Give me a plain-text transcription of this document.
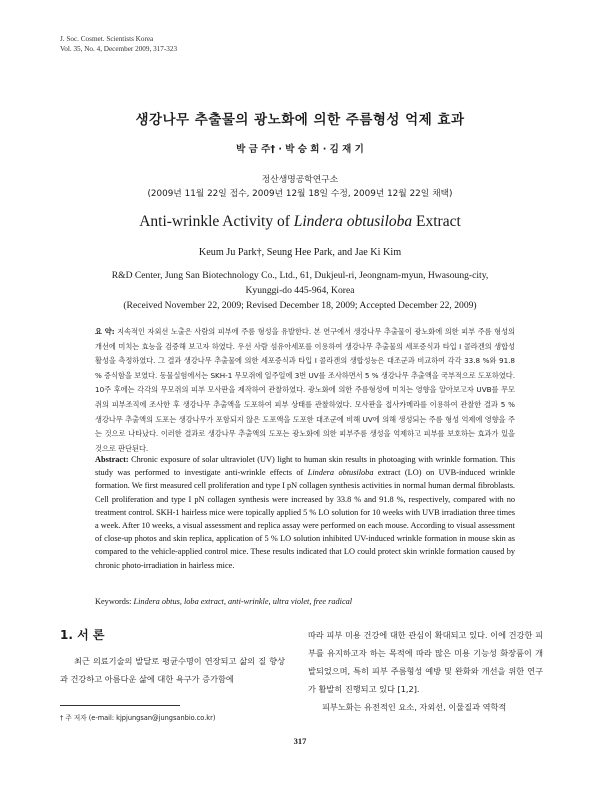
J. Soc. Cosmet. Scientists Korea
Vol. 35, No. 4, December 2009, 317-323
생강나무 추출물의 광노화에 의한 주름형성 억제 효과
박 금 주† · 박 승 희 · 김 재 기
정산생명공학연구소
(2009년 11월 22일 접수, 2009년 12월 18일 수정, 2009년 12월 22일 채택)
Anti-wrinkle Activity of Lindera obtusiloba Extract
Keum Ju Park†, Seung Hee Park, and Jae Ki Kim
R&D Center, Jung San Biotechnology Co., Ltd., 61, Dukjeul-ri, Jeongnam-myun, Hwasoung-city,
Kyunggi-do 445-964, Korea
(Received November 22, 2009; Revised December 18, 2009; Accepted December 22, 2009)
요 약: 지속적인 자외선 노출은 사람의 피부에 주름 형성을 유발한다. 본 연구에서 생강나무 추출물이 광노화에 의한 피부 주름 형성의 개선에 미치는 효능을 검증해 보고자 하였다. 우선 사람 섬유아세포를 이용하여 생강나무 추출물의 세포증식과 타입 I 콜라겐의 생합성 활성을 측정하였다. 그 결과 생강나무 추출물에 의한 세포증식과 타입 I 콜라겐의 생합성능은 대조군과 비교하여 각각 33.8 %와 91.8 % 증식함을 보였다. 동물실험에서는 SKH-1 무모쥐에 일주일에 3번 UV를 조사하면서 5 % 생강나무 추출액을 국부적으로 도포하였다. 10주 후에는 각각의 무모쥐의 피부 모사판을 제작하여 관찰하였다. 광노화에 의한 주름형성에 미치는 영향을 알아보고자 UVB를 무모쥐의 피부조직에 조사한 후 생강나무 추출액을 도포하여 피부 상태를 관찰하였다. 모사판을 접사카메라를 이용하여 관찰한 결과 5 % 생강나무 추출액의 도포는 생강나무가 포함되지 않은 도포액을 도포한 대조군에 비해 UV에 의해 생성되는 주름 형성 억제에 영향을 주는 것으로 나타났다. 이러한 결과로 생강나무 추출액의 도포는 광노화에 의한 피부주름 생성을 억제하고 피부를 보호하는 효과가 있을 것으로 판단된다.
Abstract: Chronic exposure of solar ultraviolet (UV) light to human skin results in photoaging with wrinkle formation. This study was performed to investigate anti-wrinkle effects of Lindera obtusiloba extract (LO) on UVB-induced wrinkle formation. We first measured cell proliferation and type I pN collagen synthesis activities in normal human dermal fibroblasts. Cell proliferation and type I pN collagen synthesis were increased by 33.8 % and 91.8 %, respectively, compared with no treatment control. SKH-1 hairless mice were topically applied 5 % LO solution for 10 weeks with UVB irradiation three times a week. After 10 weeks, a visual assessment and replica assay were performed on each mouse. According to visual assessment of close-up photos and skin replica, application of 5 % LO solution inhibited UV-induced wrinkle formation in mouse skin as compared to the vehicle-applied control mice. These results indicated that LO could protect skin wrinkle formation caused by chronic photo-irradiation in hairless mice.
Keywords: Lindera obtus, loba extract, anti-wrinkle, ultra violet, free radical
1. 서 론
최근 의료기술의 발달로 평균수명이 연장되고 삶의 질 향상과 건강하고 아름다운 삶에 대한 욕구가 증가함에

따라 피부 미용 건강에 대한 관심이 확대되고 있다. 이에 건강한 피부를 유지하고자 하는 목적에 따라 많은 미용 기능성 화장품이 개발되었으며, 특히 피부 주름형성 예방 및 완화와 개선을 위한 연구가 활발히 진행되고 있다 [1,2].

피부노화는 유전적인 요소, 자외선, 이물질과 역학적

† 주 저자 (e-mail: kjpjungsan@jungsanbio.co.kr)
317
